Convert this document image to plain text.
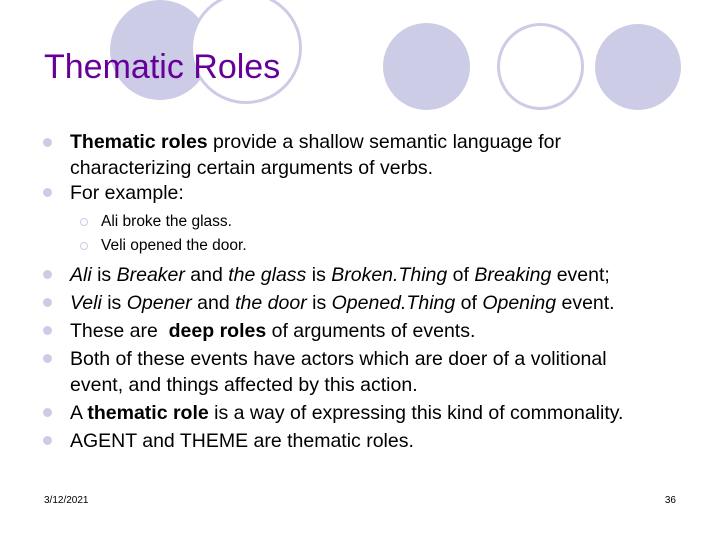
Thematic Roles
Thematic roles provide a shallow semantic language for
characterizing certain arguments of verbs.
For example:
Ali is Breaker and the glass is Broken.Thing of Breaking event;
Veli is Opener and the door is Opened.Thing of Opening event.
These are  deep roles of arguments of events.
Both of these events have actors which are doer of a volitional
event, and things affected by this action.
A thematic role is a way of expressing this kind of commonality.
AGENT and THEME are thematic roles.
Ali broke the glass.
Veli opened the door.
3/12/2021	36
